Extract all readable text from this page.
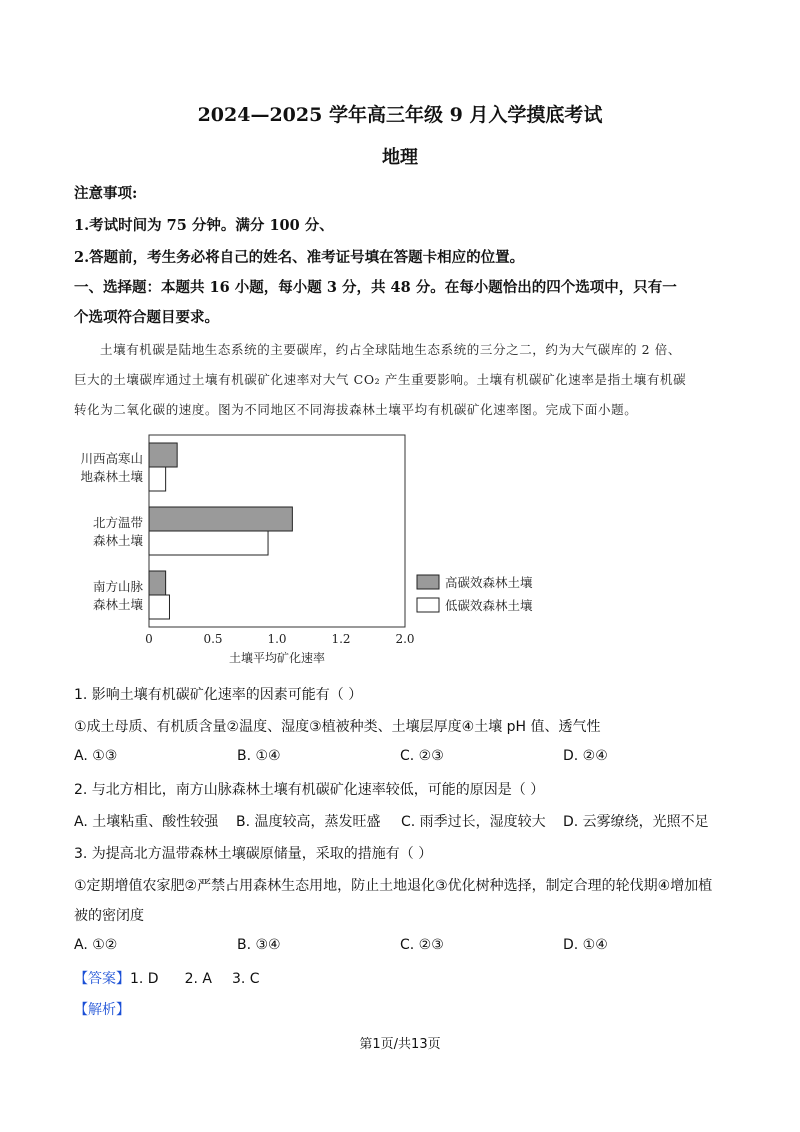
2024—2025 学年高三年级 9 月入学摸底考试
地理
注意事项:
1.考试时间为 75 分钟。满分 100 分、
2.答题前，考生务必将自己的姓名、准考证号填在答题卡相应的位置。
一、选择题：本题共 16 小题，每小题 3 分，共 48 分。在每小题恰出的四个选项中，只有一
个选项符合题目要求。
土壤有机碳是陆地生态系统的主要碳库，约占全球陆地生态系统的三分之二，约为大气碳库的 2 倍、
巨大的土壤碳库通过土壤有机碳矿化速率对大气 CO₂ 产生重要影响。土壤有机碳矿化速率是指土壤有机碳
转化为二氧化碳的速度。图为不同地区不同海拔森林土壤平均有机碳矿化速率图。完成下面小题。
川西高寒山
地森林土壤
北方温带
森林土壤
南方山脉
森林土壤
0	0.5	1.0	1.2	2.0
土壤平均矿化速率
高碳效森林土壤
低碳效森林土壤
1. 影响土壤有机碳矿化速率的因素可能有（ ）
①成土母质、有机质含量②温度、湿度③植被种类、土壤层厚度④土壤 pH 值、透气性
A. ①③	B. ①④	C. ②③	D. ②④
2. 与北方相比，南方山脉森林土壤有机碳矿化速率较低，可能的原因是（ ）
A. 土壤粘重、酸性较强 B. 温度较高，蒸发旺盛 C. 雨季过长，湿度较大 D. 云雾缭绕，光照不足
3. 为提高北方温带森林土壤碳原储量，采取的措施有（ ）
①定期增值农家肥②严禁占用森林生态用地，防止土地退化③优化树种选择，制定合理的轮伐期④增加植
被的密闭度
A. ①②	B. ③④	C. ②③	D. ①④
【答案】1. D 2. A 3. C
【解析】
第1页/共13页
